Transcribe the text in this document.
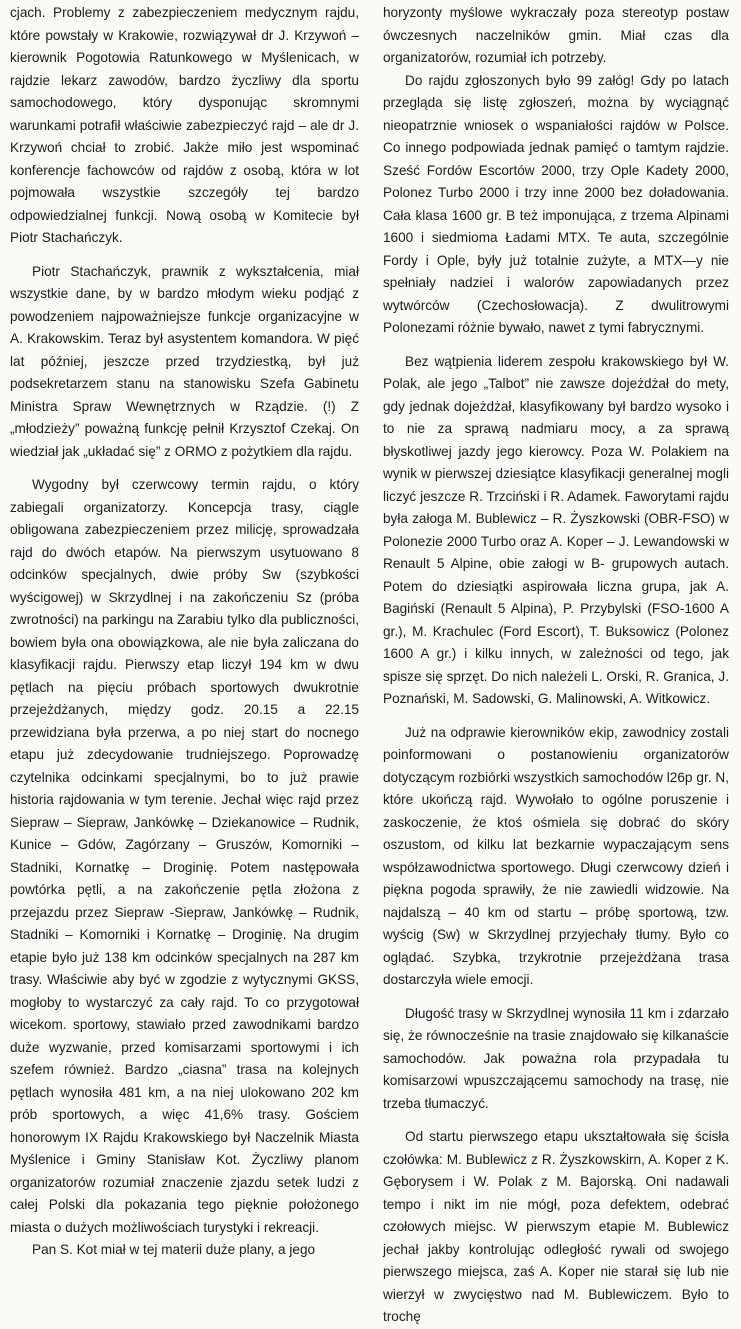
cjach. Problemy z zabezpieczeniem medycznym rajdu, które powstały w Krakowie, rozwiązywał dr J. Krzywoń – kierownik Pogotowia Ratunkowego w Myślenicach, w rajdzie lekarz zawodów, bardzo życzliwy dla sportu samochodowego, który dysponując skromnymi warunkami potrafił właściwie zabezpieczyć rajd – ale dr J. Krzywoń chciał to zrobić. Jakże miło jest wspominać konferencje fachowców od rajdów z osobą, która w lot pojmowała wszystkie szczegóły tej bardzo odpowiedzialnej funkcji. Nową osobą w Komitecie był Piotr Stachańczyk.

Piotr Stachańczyk, prawnik z wykształcenia, miał wszystkie dane, by w bardzo młodym wieku podjąć z powodzeniem najpoważniejsze funkcje organizacyjne w A. Krakowskim. Teraz był asystentem komandora. W pięć lat później, jeszcze przed trzydziestką, był już podsekretarzem stanu na stanowisku Szefa Gabinetu Ministra Spraw Wewnętrznych w Rządzie. (!) Z „młodzieży” poważną funkcję pełnił Krzysztof Czekaj. On wiedział jak „układać się” z ORMO z pożytkiem dla rajdu.

Wygodny był czerwcowy termin rajdu, o który zabiegali organizatorzy. Koncepcja trasy, ciągle obligowana zabezpieczeniem przez milicję, sprowadzała rajd do dwóch etapów. Na pierwszym usytuowano 8 odcinków specjalnych, dwie próby Sw (szybkości wyścigowej) w Skrzydlnej i na zakończeniu Sz (próba zwrotności) na parkingu na Zarabiu tylko dla publiczności, bowiem była ona obowiązkowa, ale nie była zaliczana do klasyfikacji rajdu. Pierwszy etap liczył 194 km w dwu pętlach na pięciu próbach sportowych dwukrotnie przejeżdżanych, między godz. 20.15 a 22.15 przewidziana była przerwa, a po niej start do nocnego etapu już zdecydowanie trudniejszego. Poprowadzę czytelnika odcinkami specjalnymi, bo to już prawie historia rajdowania w tym terenie. Jechał więc rajd przez Siepraw – Siepraw, Jankówkę – Dziekanowice – Rudnik, Kunice – Gdów, Zagórzany – Gruszów, Komorniki – Stadniki, Kornatkę – Droginię. Potem następowała powtórka pętli, a na zakończenie pętla złożona z przejazdu przez Siepraw -Siepraw, Jankówkę – Rudnik, Stadniki – Komorniki i Kornatkę – Droginię. Na drugim etapie było już 138 km odcinków specjalnych na 287 km trasy. Właściwie aby być w zgodzie z wytycznymi GKSS, mogłoby to wystarczyć za cały rajd. To co przygotował wicekom. sportowy, stawiało przed zawodnikami bardzo duże wyzwanie, przed komisarzami sportowymi i ich szefem również. Bardzo „ciasna” trasa na kolejnych pętlach wynosiła 481 km, a na niej ulokowano 202 km prób sportowych, a więc 41,6% trasy. Gościem honorowym IX Rajdu Krakowskiego był Naczelnik Miasta Myślenice i Gminy Stanisław Kot. Życzliwy planom organizatorów rozumiał znaczenie zjazdu setek ludzi z całej Polski dla pokazania tego pięknie położonego miasta o dużych możliwościach turystyki i rekreacji.

Pan S. Kot miał w tej materii duże plany, a jego

horyzonty myślowe wykraczały poza stereotyp postaw ówczesnych naczelników gmin. Miał czas dla organizatorów, rozumiał ich potrzeby.

Do rajdu zgłoszonych było 99 załóg! Gdy po latach przegląda się listę zgłoszeń, można by wyciągnąć nieopatrznie wniosek o wspaniałości rajdów w Polsce. Co innego podpowiada jednak pamięć o tamtym rajdzie. Sześć Fordów Escortów 2000, trzy Ople Kadety 2000, Polonez Turbo 2000 i trzy inne 2000 bez doładowania. Cała klasa 1600 gr. B też imponująca, z trzema Alpinami 1600 i siedmioma Ładami MTX. Te auta, szczególnie Fordy i Ople, były już totalnie zużyte, a MTX—y nie spełniały nadziei i walorów zapowiadanych przez wytwórców (Czechosłowacja). Z dwulitrowymi Polonezami różnie bywało, nawet z tymi fabrycznymi.

Bez wątpienia liderem zespołu krakowskiego był W. Polak, ale jego „Talbot” nie zawsze dojeżdżał do mety, gdy jednak dojeżdżał, klasyfikowany był bardzo wysoko i to nie za sprawą nadmiaru mocy, a za sprawą błyskotliwej jazdy jego kierowcy. Poza W. Polakiem na wynik w pierwszej dziesiątce klasyfikacji generalnej mogli liczyć jeszcze R. Trzciński i R. Adamek. Faworytami rajdu była załoga M. Bublewicz – R. Żyszkowski (OBR-FSO) w Polonezie 2000 Turbo oraz A. Koper – J. Lewandowski w Renault 5 Alpine, obie załogi w B- grupowych autach. Potem do dziesiątki aspirowała liczna grupa, jak A. Bagiński (Renault 5 Alpina), P. Przybylski (FSO-1600 A gr.), M. Krachulec (Ford Escort), T. Buksowicz (Polonez 1600 A gr.) i kilku innych, w zależności od tego, jak spisze się sprzęt. Do nich należeli L. Orski, R. Granica, J. Poznański, M. Sadowski, G. Malinowski, A. Witkowicz.

Już na odprawie kierowników ekip, zawodnicy zostali poinformowani o postanowieniu organizatorów dotyczącym rozbiórki wszystkich samochodów l26p gr. N, które ukończą rajd. Wywołało to ogólne poruszenie i zaskoczenie, że ktoś ośmiela się dobrać do skóry oszustom, od kilku lat bezkarnie wypaczającym sens współzawodnictwa sportowego. Długi czerwcowy dzień i piękna pogoda sprawiły, że nie zawiedli widzowie. Na najdalszą – 40 km od startu – próbę sportową, tzw. wyścig (Sw) w Skrzydlnej przyjechały tłumy. Było co oglądać. Szybka, trzykrotnie przejeżdżana trasa dostarczyła wiele emocji.

Długość trasy w Skrzydlnej wynosiła 11 km i zdarzało się, że równocześnie na trasie znajdowało się kilkanaście samochodów. Jak poważna rola przypadała tu komisarzowi wpuszczającemu samochody na trasę, nie trzeba tłumaczyć.

Od startu pierwszego etapu ukształtowała się ścisła czołówka: M. Bublewicz z R. Żyszkowskirn, A. Koper z K. Gęborysem i W. Polak z M. Bajorską. Oni nadawali tempo i nikt im nie mógł, poza defektem, odebrać czołowych miejsc. W pierwszym etapie M. Bublewicz jechał jakby kontrolując odległość rywali od swojego pierwszego miejsca, zaś A. Koper nie starał się lub nie wierzył w zwycięstwo nad M. Bublewiczem. Było to trochę
